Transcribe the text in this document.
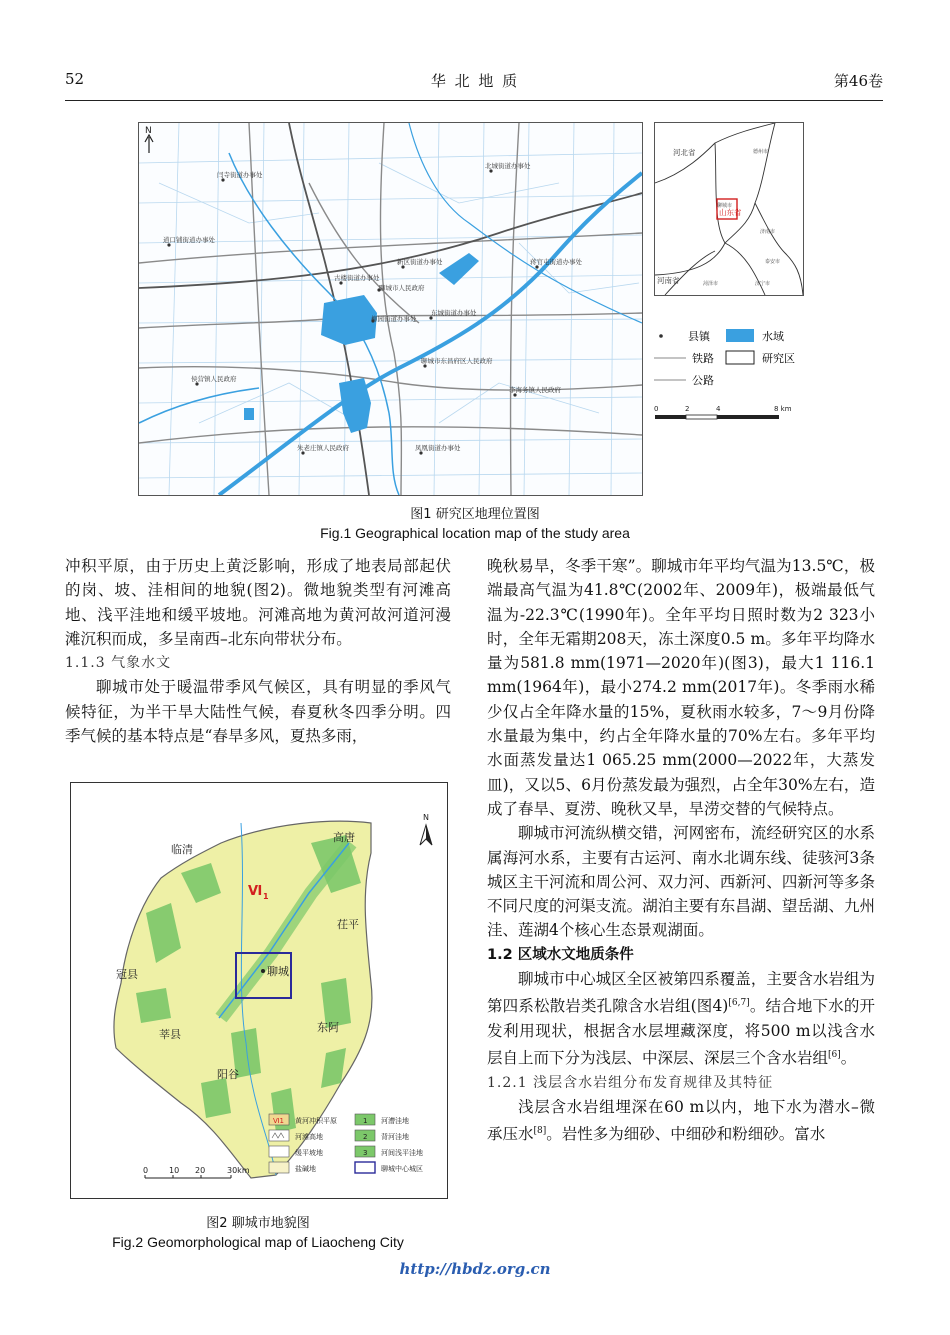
52	华 北 地 质	第46卷
N
闫寺街道办事处
北城街道办事处
道口铺街道办事处
新区街道办事处
古楼街道办事处
聊城市人民政府
蒋官屯街道办事处
柳园街道办事处
东城街道办事处
聊城市东昌府区人民政府
侯营镇人民政府
李海务镇人民政府
朱老庄镇人民政府	凤凰街道办事处
河北省
山东省
河南省
聊城市
德州市
济南市
泰安市
菏泽市	济宁市
县镇	水域
铁路	研究区
公路
0	2	4	8 km
图1 研究区地理位置图
Fig.1 Geographical location map of the study area

冲积平原，由于历史上黄泛影响，形成了地表局部起伏的岗、坡、洼相间的地貌(图2)。微地貌类型有河滩高地、浅平洼地和缓平坡地。河滩高地为黄河故河道河漫滩沉积而成，多呈南西–北东向带状分布。

1.1.3 气象水文

聊城市处于暖温带季风气候区，具有明显的季风气候特征，为半干旱大陆性气候，春夏秋冬四季分明。四季气候的基本特点是“春旱多风，夏热多雨，

临清
高唐
茌平
冠县	聊城
东阿
莘县
阳谷
Ⅵ 1
N
Ⅵ1 黄河冲积平原
河滩高地
缓平坡地
盐碱地
1 河漕洼地
2 背河洼地
3 河间浅平洼地
聊城中心城区
0	10 20	30km
图2 聊城市地貌图
Fig.2 Geomorphological map of Liaocheng City

晚秋易旱，冬季干寒”。聊城市年平均气温为13.5℃，极端最高气温为41.8℃(2002年、2009年)，极端最低气温为-22.3℃(1990年)。全年平均日照时数为2 323小时，全年无霜期208天，冻土深度0.5 m。多年平均降水量为581.8 mm(1971—2020年)(图3)，最大1 116.1 mm(1964年)，最小274.2 mm(2017年)。冬季雨水稀少仅占全年降水量的15%，夏秋雨水较多，7～9月份降水量最为集中，约占全年降水量的70%左右。多年平均水面蒸发量达1 065.25 mm(2000—2022年，大蒸发皿)，又以5、6月份蒸发最为强烈，占全年30%左右，造成了春旱、夏涝、晚秋又旱，旱涝交替的气候特点。

聊城市河流纵横交错，河网密布，流经研究区的水系属海河水系，主要有古运河、南水北调东线、徒骇河3条城区主干河流和周公河、双力河、西新河、四新河等多条不同尺度的河渠支流。湖泊主要有东昌湖、望岳湖、九州洼、莲湖4个核心生态景观湖面。

1.2 区域水文地质条件

聊城市中心城区全区被第四系覆盖，主要含水岩组为第四系松散岩类孔隙含水岩组(图4)[6,7]。结合地下水的开发利用现状，根据含水层埋藏深度，将500 m以浅含水层自上而下分为浅层、中深层、深层三个含水岩组[6]。

1.2.1 浅层含水岩组分布发育规律及其特征

浅层含水岩组埋深在60 m以内，地下水为潜水–微承压水[8]。岩性多为细砂、中细砂和粉细砂。富水

http://hbdz.org.cn
